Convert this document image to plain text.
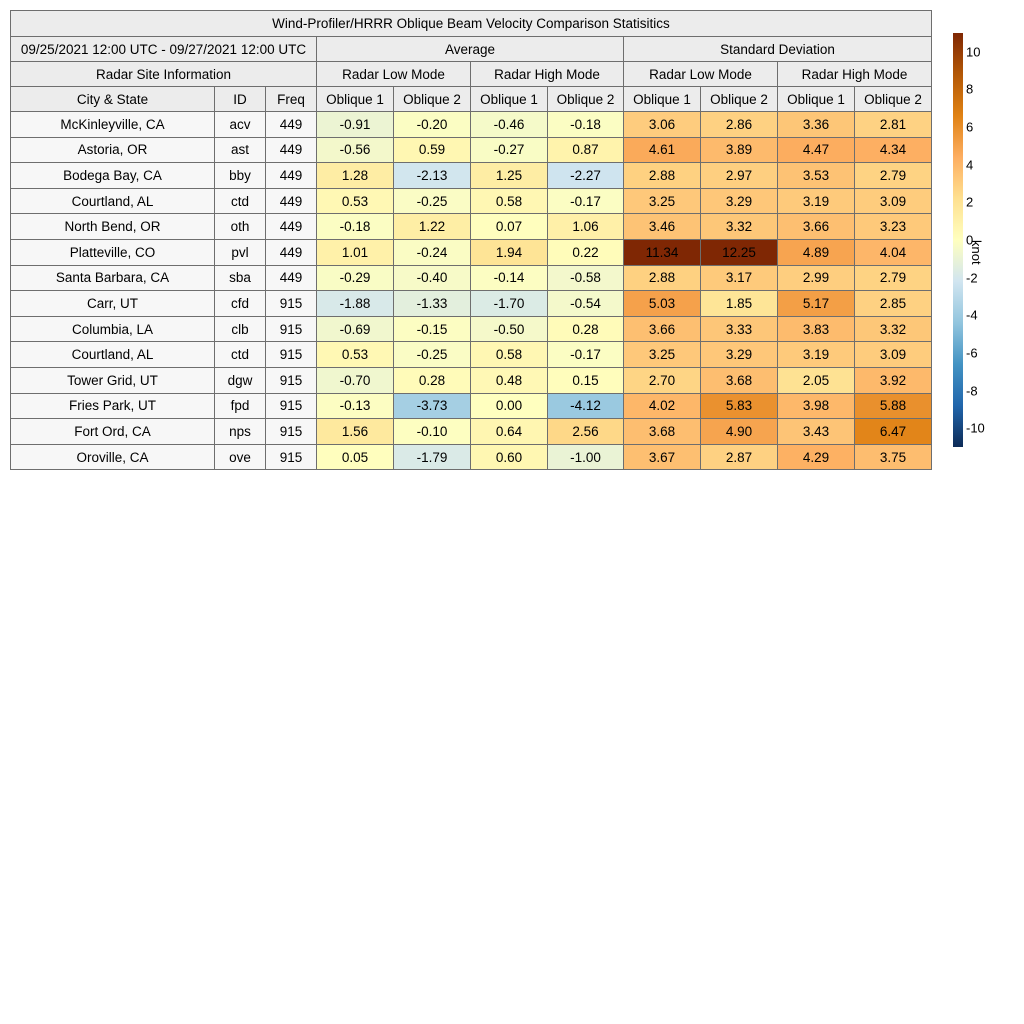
Wind-Profiler/HRRR Oblique Beam Velocity Comparison Statisitics										
09/25/2021 12:00 UTC - 09/27/2021 12:00 UTC			Average				Standard Deviation			
Radar Site Information			Radar Low Mode		Radar High Mode		Radar Low Mode		Radar High Mode	
City & State	ID	Freq	Oblique 1	Oblique 2	Oblique 1	Oblique 2	Oblique 1	Oblique 2	Oblique 1	Oblique 2
McKinleyville, CA	acv	449	-0.91	-0.20	-0.46	-0.18	3.06	2.86	3.36	2.81
Astoria, OR	ast	449	-0.56	0.59	-0.27	0.87	4.61	3.89	4.47	4.34
Bodega Bay, CA	bby	449	1.28	-2.13	1.25	-2.27	2.88	2.97	3.53	2.79
Courtland, AL	ctd	449	0.53	-0.25	0.58	-0.17	3.25	3.29	3.19	3.09
North Bend, OR	oth	449	-0.18	1.22	0.07	1.06	3.46	3.32	3.66	3.23
Platteville, CO	pvl	449	1.01	-0.24	1.94	0.22	11.34	12.25	4.89	4.04
Santa Barbara, CA	sba	449	-0.29	-0.40	-0.14	-0.58	2.88	3.17	2.99	2.79
Carr, UT	cfd	915	-1.88	-1.33	-1.70	-0.54	5.03	1.85	5.17	2.85
Columbia, LA	clb	915	-0.69	-0.15	-0.50	0.28	3.66	3.33	3.83	3.32
Courtland, AL	ctd	915	0.53	-0.25	0.58	-0.17	3.25	3.29	3.19	3.09
Tower Grid, UT	dgw	915	-0.70	0.28	0.48	0.15	2.70	3.68	2.05	3.92
Fries Park, UT	fpd	915	-0.13	-3.73	0.00	-4.12	4.02	5.83	3.98	5.88
Fort Ord, CA	nps	915	1.56	-0.10	0.64	2.56	3.68	4.90	3.43	6.47
Oroville, CA	ove	915	0.05	-1.79	0.60	-1.00	3.67	2.87	4.29	3.75
10
8
6
4
2
0
-2
-4
-6
-8
-10
knot
